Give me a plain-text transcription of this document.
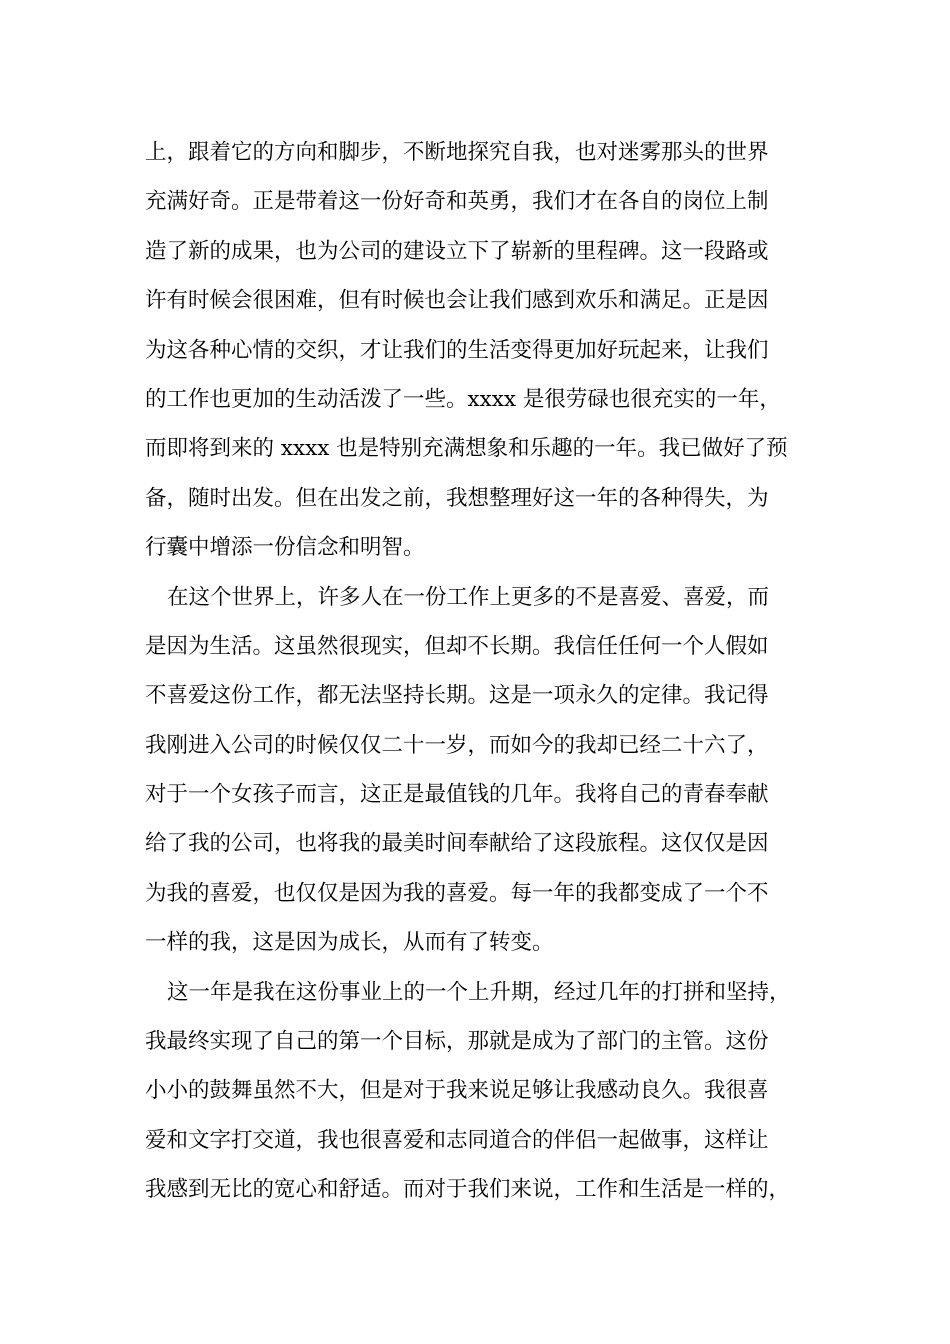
上，跟着它的方向和脚步，不断地探究自我，也对迷雾那头的世界
充满好奇。正是带着这一份好奇和英勇，我们才在各自的岗位上制
造了新的成果，也为公司的建设立下了崭新的里程碑。这一段路或
许有时候会很困难，但有时候也会让我们感到欢乐和满足。正是因
为这各种心情的交织，才让我们的生活变得更加好玩起来，让我们
的工作也更加的生动活泼了一些。xxxx 是很劳碌也很充实的一年，
而即将到来的 xxxx 也是特别充满想象和乐趣的一年。我已做好了预
备，随时出发。但在出发之前，我想整理好这一年的各种得失，为
行囊中增添一份信念和明智。
在这个世界上，许多人在一份工作上更多的不是喜爱、喜爱，而
是因为生活。这虽然很现实，但却不长期。我信任任何一个人假如
不喜爱这份工作，都无法坚持长期。这是一项永久的定律。我记得
我刚进入公司的时候仅仅二十一岁，而如今的我却已经二十六了，
对于一个女孩子而言，这正是最值钱的几年。我将自己的青春奉献
给了我的公司，也将我的最美时间奉献给了这段旅程。这仅仅是因
为我的喜爱，也仅仅是因为我的喜爱。每一年的我都变成了一个不
一样的我，这是因为成长，从而有了转变。
这一年是我在这份事业上的一个上升期，经过几年的打拼和坚持，
我最终实现了自己的第一个目标，那就是成为了部门的主管。这份
小小的鼓舞虽然不大，但是对于我来说足够让我感动良久。我很喜
爱和文字打交道，我也很喜爱和志同道合的伴侣一起做事，这样让
我感到无比的宽心和舒适。而对于我们来说，工作和生活是一样的，
